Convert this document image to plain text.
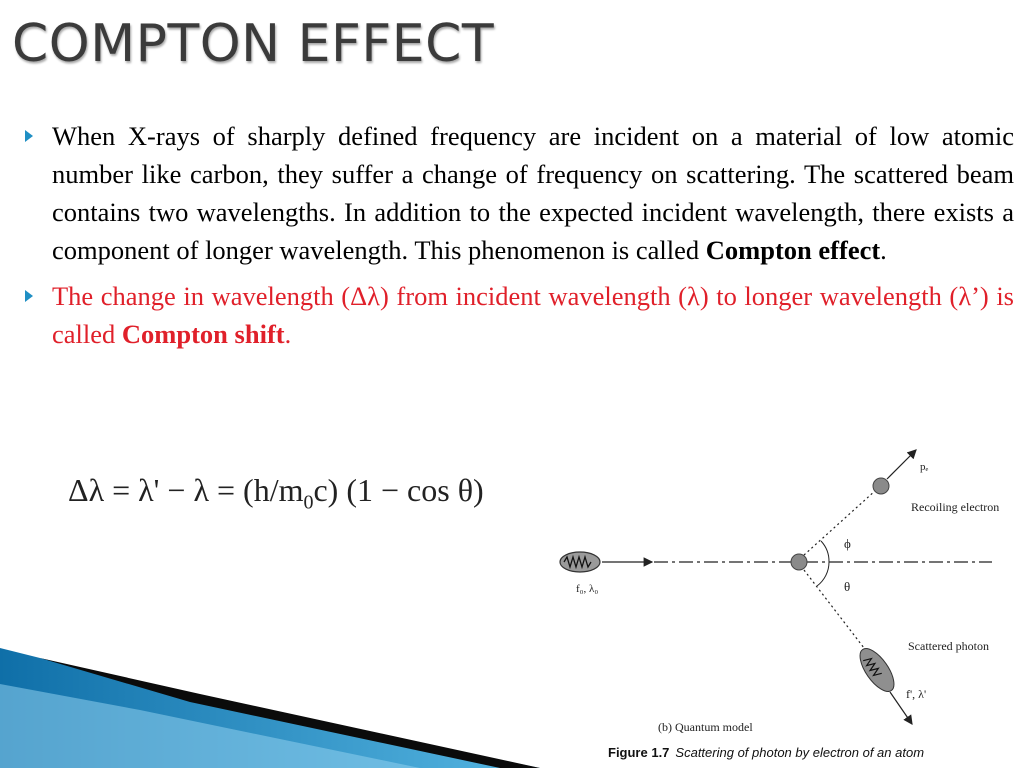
COMPTON EFFECT
When X-rays of sharply defined frequency are incident on a material of low atomic number like carbon, they suffer a change of frequency on scattering. The scattered beam contains two wavelengths. In addition to the expected incident wavelength, there exists a component of longer wavelength. This phenomenon is called Compton effect.
The change in wavelength (Δλ) from incident wavelength (λ) to longer wavelength (λ’) is called Compton shift.
$\Delta\lambda = \lambda' - \lambda = (h/m_0c) (1 - \cos \theta)$
pₑ
Recoiling electron
ϕ
θ
f₀, λ₀
Scattered photon
f', λ'
(b) Quantum model
Figure 1.7 Scattering of photon by electron of an atom
